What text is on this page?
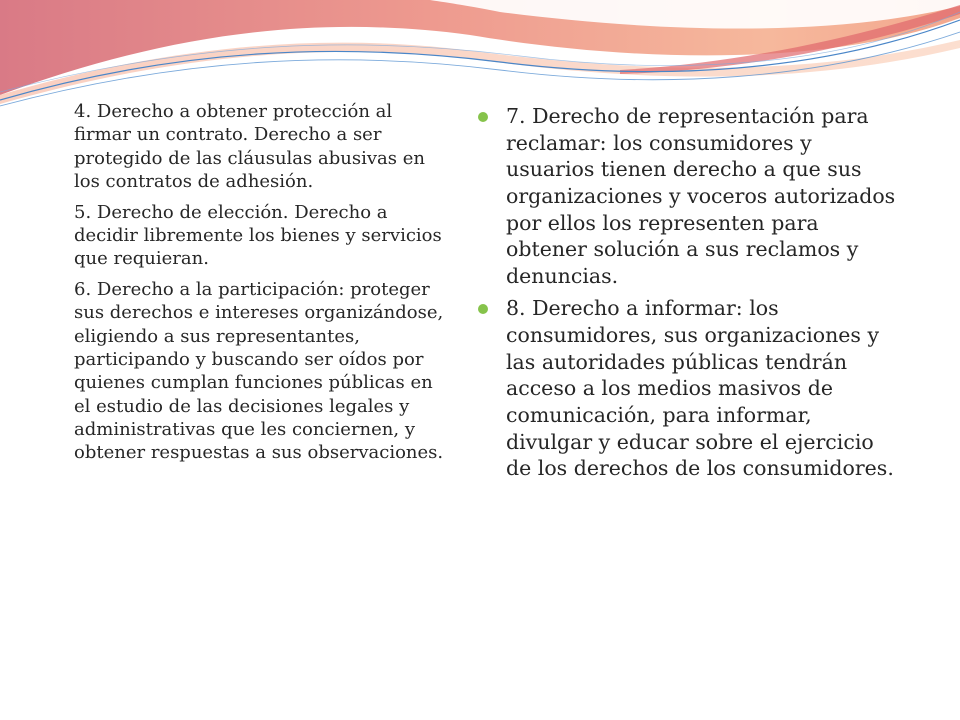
4. Derecho a obtener protección al firmar un contrato. Derecho a ser protegido de las cláusulas abusivas en los contratos de adhesión.

5. Derecho de elección. Derecho a decidir libremente los bienes y servicios que requieran.

6. Derecho a la participación: proteger sus derechos e intereses organizándose, eligiendo a sus representantes, participando y buscando ser oídos por quienes cumplan funciones públicas en el estudio de las decisiones legales y administrativas que les conciernen, y obtener respuestas a sus observaciones.

7. Derecho de representación para reclamar: los consumidores y usuarios tienen derecho a que sus organizaciones y voceros autorizados por ellos los representen para obtener solución a sus reclamos y denuncias.
8. Derecho a informar: los consumidores, sus organizaciones y las autoridades públicas tendrán acceso a los medios masivos de comunicación, para informar, divulgar y educar sobre el ejercicio de los derechos de los consumidores.
